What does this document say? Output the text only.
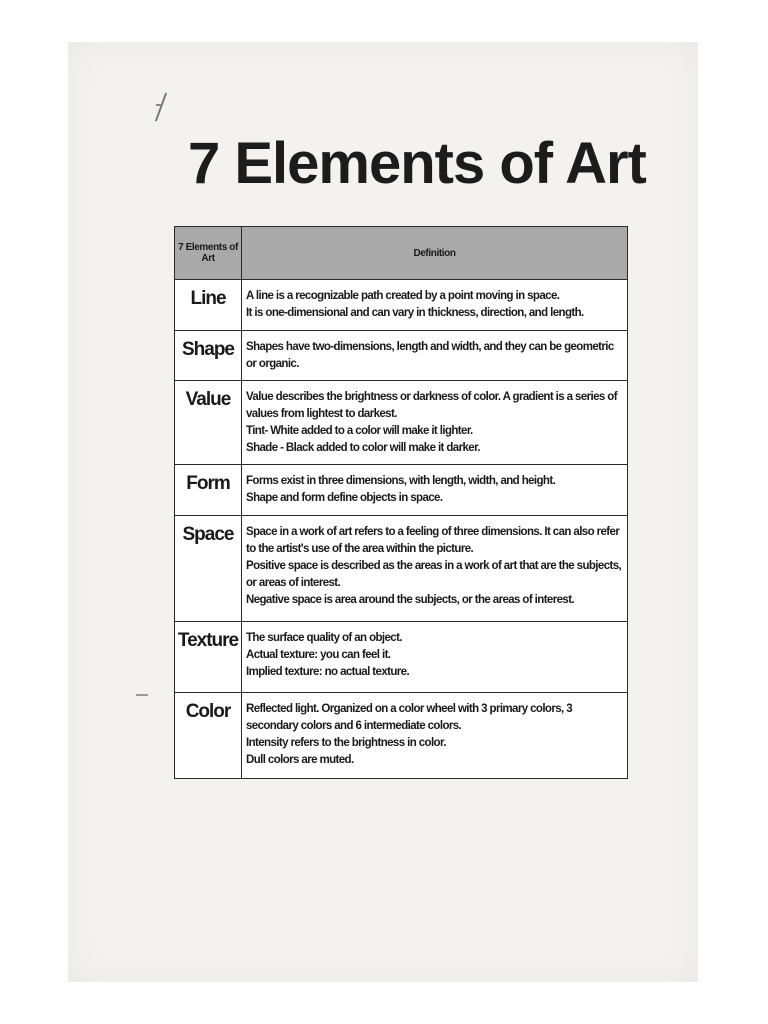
7 Elements of Art
7 Elements of Art	Definition
Line	A line is a recognizable path created by a point moving in space.
It is one-dimensional and can vary in thickness, direction, and length.

Shape	Shapes have two-dimensions, length and width, and they can be geometric or organic.

Value	Value describes the brightness or darkness of color. A gradient is a series of values from lightest to darkest.
Tint- White added to a color will make it lighter.
Shade - Black added to color will make it darker.

Form	Forms exist in three dimensions, with length, width, and height.
Shape and form define objects in space.

Space	Space in a work of art refers to a feeling of three dimensions. It can also refer to the artist's use of the area within the picture.
Positive space is described as the areas in a work of art that are the subjects, or areas of interest.
Negative space is area around the subjects, or the areas of interest.

Texture	The surface quality of an object.
Actual texture: you can feel it.
Implied texture: no actual texture.

Color	Reflected light. Organized on a color wheel with 3 primary colors, 3 secondary colors and 6 intermediate colors.
Intensity refers to the brightness in color.
Dull colors are muted.
